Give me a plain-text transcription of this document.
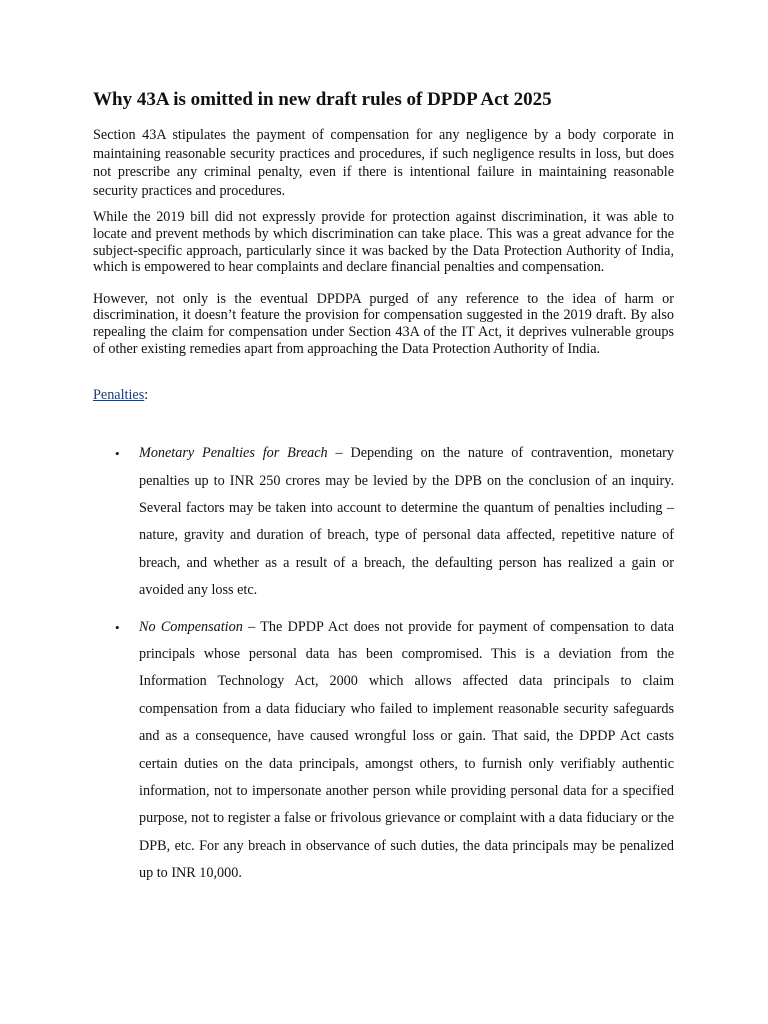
Why 43A is omitted in new draft rules of DPDP Act 2025

Section 43A stipulates the payment of compensation for any negligence by a body corporate in maintaining reasonable security practices and procedures, if such negligence results in loss, but does not prescribe any criminal penalty, even if there is intentional failure in maintaining reasonable security practices and procedures.

While the 2019 bill did not expressly provide for protection against discrimination, it was able to locate and prevent methods by which discrimination can take place. This was a great advance for the subject-specific approach, particularly since it was backed by the Data Protection Authority of India, which is empowered to hear complaints and declare financial penalties and compensation.

However, not only is the eventual DPDPA purged of any reference to the idea of harm or discrimination, it doesn’t feature the provision for compensation suggested in the 2019 draft. By also repealing the claim for compensation under Section 43A of the IT Act, it deprives vulnerable groups of other existing remedies apart from approaching the Data Protection Authority of India.

Penalties:

• Monetary Penalties for Breach – Depending on the nature of contravention, monetary penalties up to INR 250 crores may be levied by the DPB on the conclusion of an inquiry. Several factors may be taken into account to determine the quantum of penalties including – nature, gravity and duration of breach, type of personal data affected, repetitive nature of breach, and whether as a result of a breach, the defaulting person has realized a gain or avoided any loss etc.
• No Compensation – The DPDP Act does not provide for payment of compensation to data principals whose personal data has been compromised. This is a deviation from the Information Technology Act, 2000 which allows affected data principals to claim compensation from a data fiduciary who failed to implement reasonable security safeguards and as a consequence, have caused wrongful loss or gain. That said, the DPDP Act casts certain duties on the data principals, amongst others, to furnish only verifiably authentic information, not to impersonate another person while providing personal data for a specified purpose, not to register a false or frivolous grievance or complaint with a data fiduciary or the DPB, etc. For any breach in observance of such duties, the data principals may be penalized up to INR 10,000.
